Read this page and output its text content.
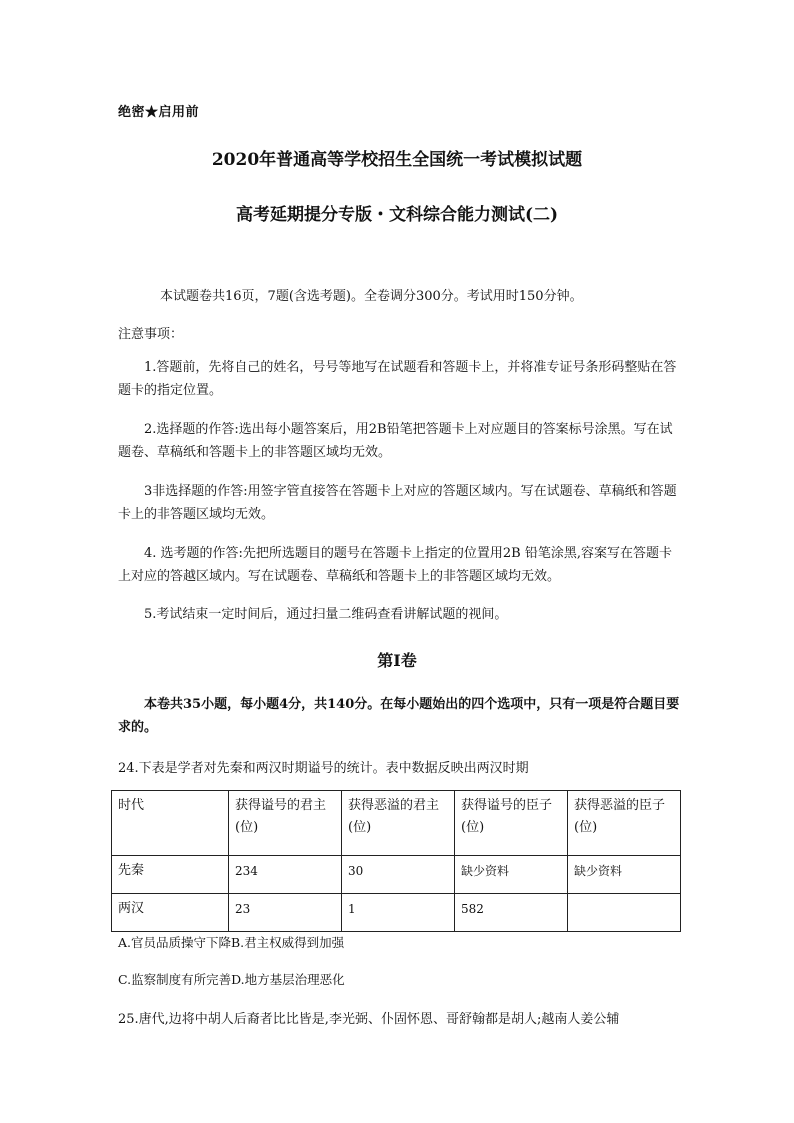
绝密★启用前
2020年普通高等学校招生全国统一考试模拟试题
高考延期提分专版・文科综合能力测试(二)
本试题卷共16页，7题(含选考题)。全卷调分300分。考试用时150分钟。
注意事项：

1.答题前，先将自己的姓名，号号等地写在试题看和答题卡上，并将准专证号条形码整贴在答题卡的指定位置。

2.选择题的作答:选出每小题答案后，用2B铅笔把答题卡上对应题目的答案标号涂黑。写在试题卷、草稿纸和答题卡上的非答题区域均无效。

3非选择题的作答:用签字管直接答在答题卡上对应的答题区域内。写在试题卷、草稿纸和答题卡上的非答题区域均无效。

4. 选考题的作答:先把所选题目的题号在答题卡上指定的位置用2B 铅笔涂黑,容案写在答题卡上对应的答越区域内。写在试题卷、草稿纸和答题卡上的非答题区域均无效。

5.考试结束一定时间后，通过扫量二维码查看讲解试题的视间。

第Ⅰ卷

本卷共35小题，每小题4分，共140分。在每小题始出的四个选项中，只有一项是符合题目要求的。

24.下表是学者对先秦和两汉时期谥号的统计。表中数据反映出两汉时期
时代	获得谥号的君主(位)	获得恶溢的君主(位)	获得谥号的臣子(位)	获得恶溢的臣子(位)
先秦	234	30	缺少资料	缺少资料
两汉	23	1	582	
A.官员品质操守下降B.君主权威得到加强
C.监察制度有所完善D.地方基层治理恶化
25.唐代,边将中胡人后裔者比比皆是,李光弼、仆固怀恩、哥舒翰都是胡人;越南人姜公辅
